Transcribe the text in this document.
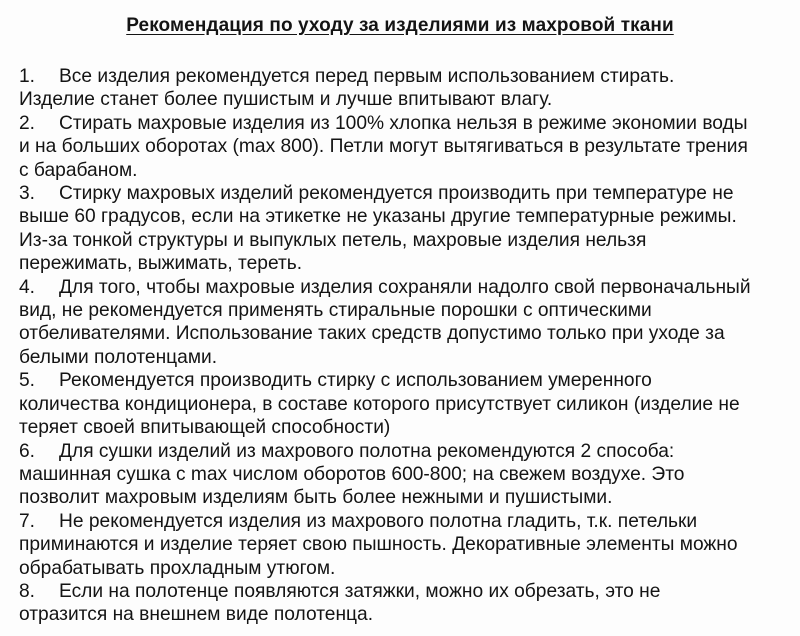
Рекомендация по уходу за изделиями из махровой ткани
1. Все изделия рекомендуется перед первым использованием стирать.
Изделие станет более пушистым и лучше впитывают влагу.
2. Стирать махровые изделия из 100% хлопка нельзя в режиме экономии воды
и на больших оборотах (max 800). Петли могут вытягиваться в результате трения
с барабаном.
3. Стирку махровых изделий рекомендуется производить при температуре не
выше 60 градусов, если на этикетке не указаны другие температурные режимы.
Из-за тонкой структуры и выпуклых петель, махровые изделия нельзя
пережимать, выжимать, тереть.
4. Для того, чтобы махровые изделия сохраняли надолго свой первоначальный
вид, не рекомендуется применять стиральные порошки с оптическими
отбеливателями. Использование таких средств допустимо только при уходе за
белыми полотенцами.
5. Рекомендуется производить стирку с использованием умеренного
количества кондиционера, в составе которого присутствует силикон (изделие не
теряет своей впитывающей способности)
6. Для сушки изделий из махрового полотна рекомендуются 2 способа:
машинная сушка с max числом оборотов 600-800; на свежем воздухе. Это
позволит махровым изделиям быть более нежными и пушистыми.
7. Не рекомендуется изделия из махрового полотна гладить, т.к. петельки
приминаются и изделие теряет свою пышность. Декоративные элементы можно
обрабатывать прохладным утюгом.
8. Если на полотенце появляются затяжки, можно их обрезать, это не
отразится на внешнем виде полотенца.
